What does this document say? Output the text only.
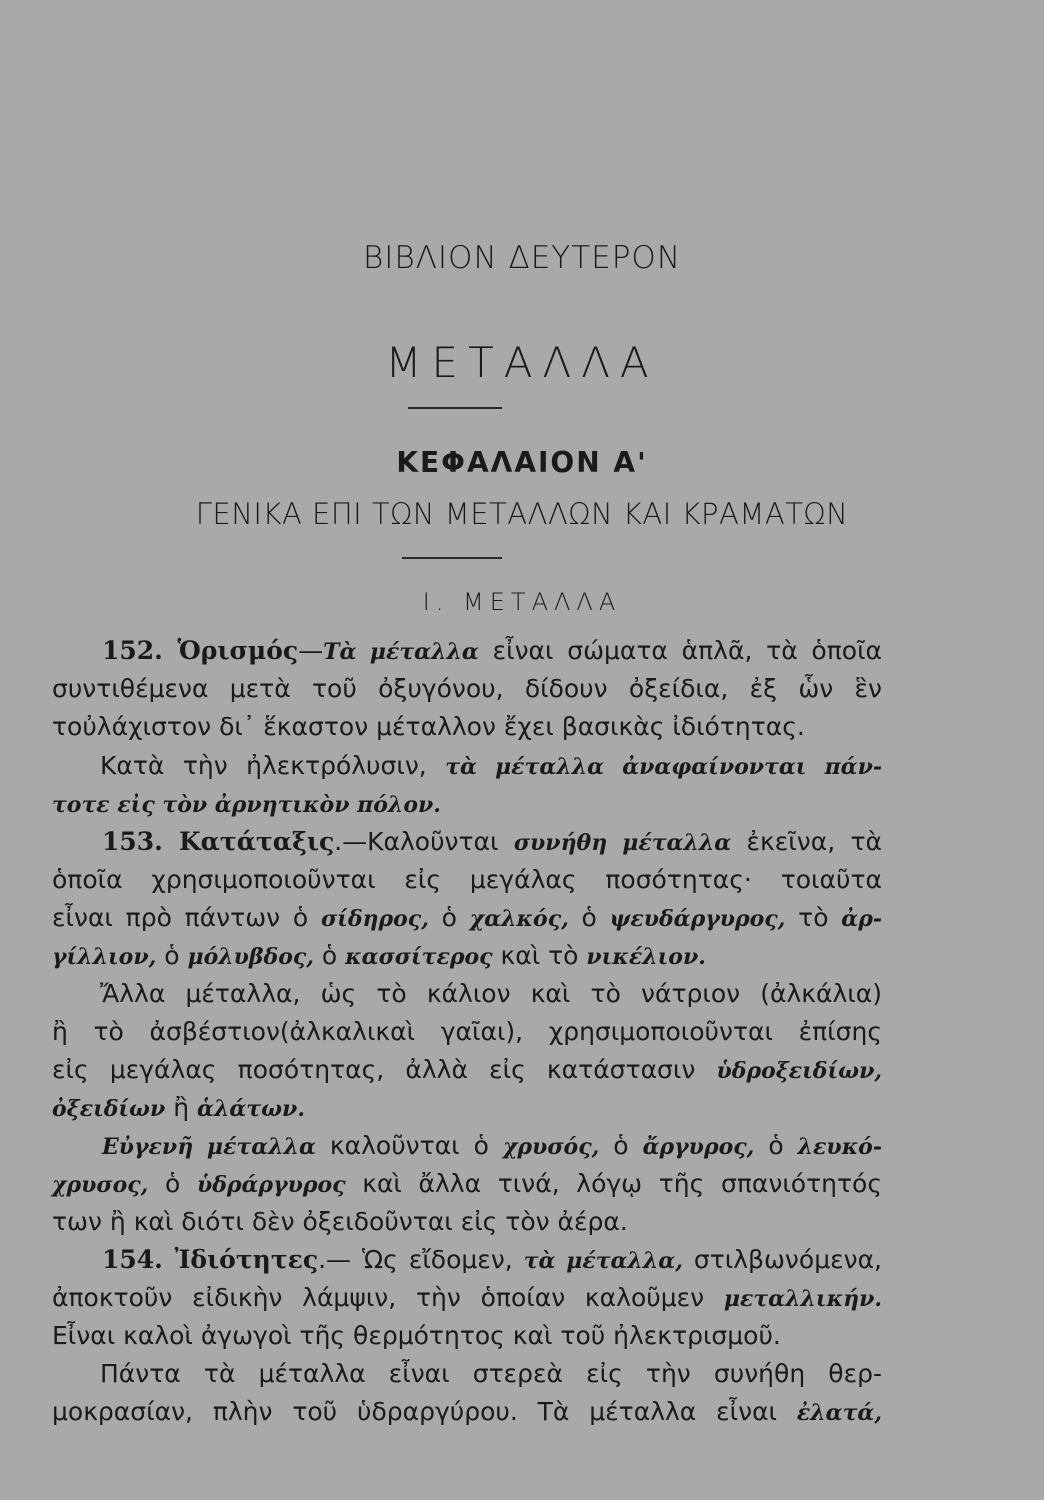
ΒΙΒΛΙΟΝ ΔΕΥΤΕΡΟΝ
ΜΕΤΑΛΛΑ
ΚΕΦΑΛΑΙΟΝ Α'
ΓΕΝΙΚΑ ΕΠΙ ΤΩΝ ΜΕΤΑΛΛΩΝ ΚΑΙ ΚΡΑΜΑΤΩΝ
Ι. ΜΕΤΑΛΛΑ
152. Ὁρισμός—Τὰ μέταλλα εἶναι σώματα ἁπλᾶ, τὰ ὁποῖα
συντιθέμενα μετὰ τοῦ ὀξυγόνου, δίδουν ὀξείδια, ἐξ ὧν ἓν
τοὐλάχιστον δι᾽ ἕκαστον μέταλλον ἔχει βασικὰς ἰδιότητας.
Κατὰ τὴν ἠλεκτρόλυσιν, τὰ μέταλλα ἀναφαίνονται πάν-
τοτε εἰς τὸν ἀρνητικὸν πόλον.
153. Κατάταξις.—Καλοῦνται συνήθη μέταλλα ἐκεῖνα, τὰ
ὁποῖα χρησιμοποιοῦνται εἰς μεγάλας ποσότητας· τοιαῦτα
εἶναι πρὸ πάντων ὁ σίδηρος, ὁ χαλκός, ὁ ψευδάργυρος, τὸ ἀρ-
γίλλιον, ὁ μόλυβδος, ὁ κασσίτερος καὶ τὸ νικέλιον.
Ἄλλα μέταλλα, ὡς τὸ κάλιον καὶ τὸ νάτριον (ἀλκάλια)
ἢ τὸ ἀσβέστιον(ἀλκαλικαὶ γαῖαι), χρησιμοποιοῦνται ἐπίσης
εἰς μεγάλας ποσότητας, ἀλλὰ εἰς κατάστασιν ὑδροξειδίων,
ὀξειδίων ἢ ἁλάτων.
Εὐγενῆ μέταλλα καλοῦνται ὁ χρυσός, ὁ ἄργυρος, ὁ λευκό-
χρυσος, ὁ ὑδράργυρος καὶ ἄλλα τινά, λόγῳ τῆς σπανιότητός
των ἢ καὶ διότι δὲν ὀξειδοῦνται εἰς τὸν ἀέρα.
154. Ἰδιότητες.— Ὡς εἴδομεν, τὰ μέταλλα, στιλβωνόμενα,
ἀποκτοῦν εἰδικὴν λάμψιν, τὴν ὁποίαν καλοῦμεν μεταλλικήν.
Εἶναι καλοὶ ἀγωγοὶ τῆς θερμότητος καὶ τοῦ ἠλεκτρισμοῦ.
Πάντα τὰ μέταλλα εἶναι στερεὰ εἰς τὴν συνήθη θερ-
μοκρασίαν, πλὴν τοῦ ὑδραργύρου. Τὰ μέταλλα εἶναι ἐλατά,
